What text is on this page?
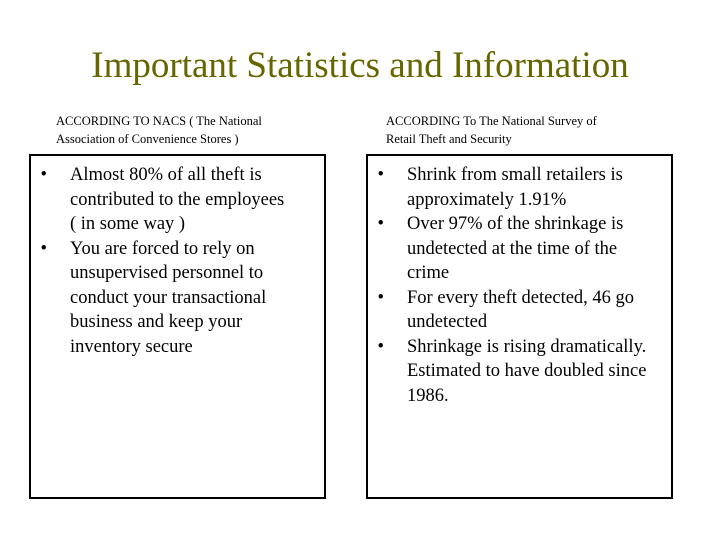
Important Statistics and Information
ACCORDING TO NACS ( The National
Association of Convenience Stores )
ACCORDING To The National Survey of
Retail Theft and Security
• Almost 80% of all theft is
contributed to the employees
( in some way )
• You are forced to rely on
unsupervised personnel to
conduct your transactional
business and keep your
inventory secure
• Shrink from small retailers is
approximately 1.91%
• Over 97% of the shrinkage is
undetected at the time of the
crime
• For every theft detected, 46 go
undetected
• Shrinkage is rising dramatically.
Estimated to have doubled since
1986.
